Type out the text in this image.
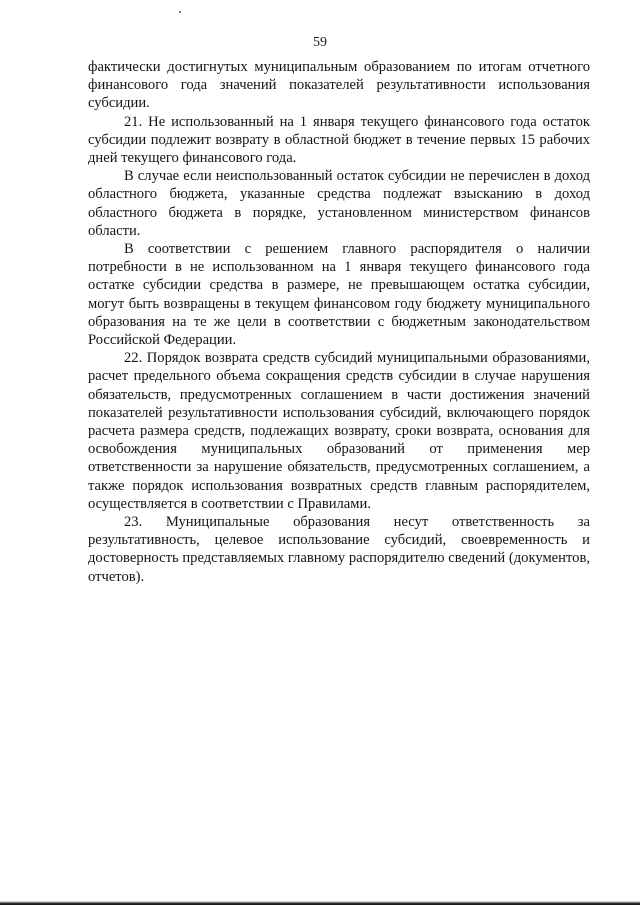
59

фактически достигнутых муниципальным образованием по итогам отчетного финансового года значений показателей результативности использования субсидии.

21. Не использованный на 1 января текущего финансового года остаток субсидии подлежит возврату в областной бюджет в течение первых 15 рабочих дней текущего финансового года.

В случае если неиспользованный остаток субсидии не перечислен в доход областного бюджета, указанные средства подлежат взысканию в доход областного бюджета в порядке, установленном министерством финансов области.

В соответствии с решением главного распорядителя о наличии потребности в не использованном на 1 января текущего финансового года остатке субсидии средства в размере, не превышающем остатка субсидии, могут быть возвращены в текущем финансовом году бюджету муниципального образования на те же цели в соответствии с бюджетным законодательством Российской Федерации.

22. Порядок возврата средств субсидий муниципальными образованиями, расчет предельного объема сокращения средств субсидии в случае нарушения обязательств, предусмотренных соглашением в части достижения значений показателей результативности использования субсидий, включающего порядок расчета размера средств, подлежащих возврату, сроки возврата, основания для освобождения муниципальных образований от применения мер ответственности за нарушение обязательств, предусмотренных соглашением, а также порядок использования возвратных средств главным распорядителем, осуществляется в соответствии с Правилами.

23. Муниципальные образования несут ответственность за результативность, целевое использование субсидий, своевременность и достоверность представляемых главному распорядителю сведений (документов, отчетов).
